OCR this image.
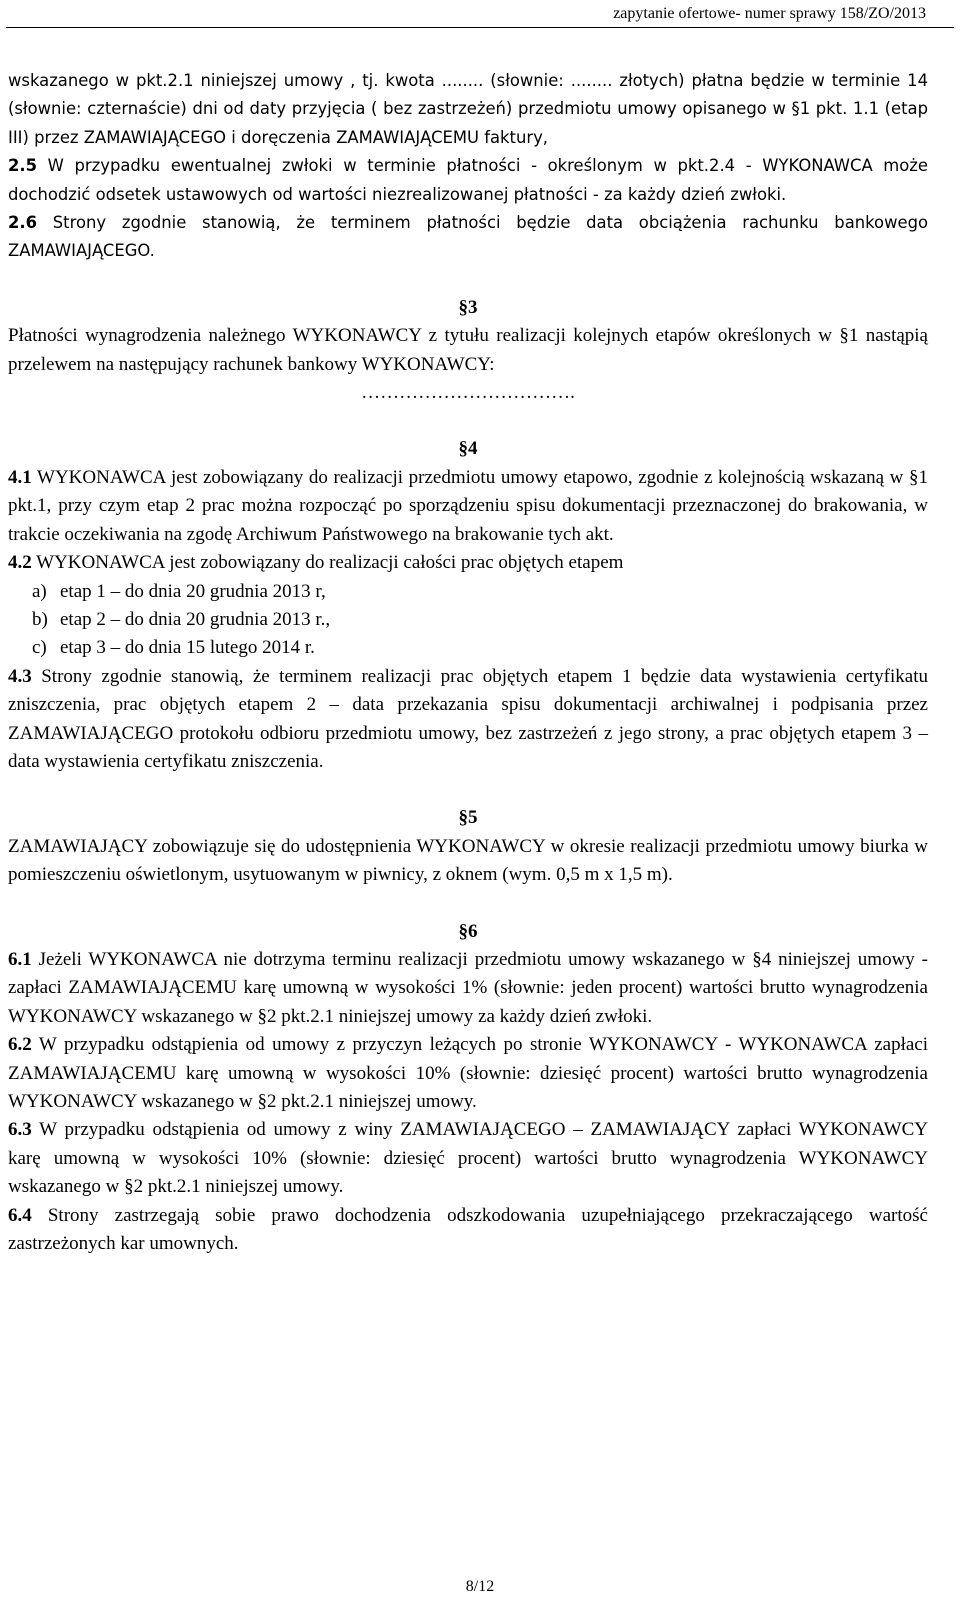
zapytanie ofertowe- numer sprawy 158/ZO/2013

wskazanego w pkt.2.1 niniejszej umowy , tj. kwota ........ (słownie: ........ złotych) płatna będzie w terminie 14 (słownie: czternaście) dni od daty przyjęcia ( bez zastrzeżeń) przedmiotu umowy opisanego w §1 pkt. 1.1 (etap III) przez ZAMAWIAJĄCEGO i doręczenia ZAMAWIAJĄCEMU faktury,

2.5 W przypadku ewentualnej zwłoki w terminie płatności - określonym w pkt.2.4 - WYKONAWCA może dochodzić odsetek ustawowych od wartości niezrealizowanej płatności - za każdy dzień zwłoki.

2.6 Strony zgodnie stanowią, że terminem płatności będzie data obciążenia rachunku bankowego ZAMAWIAJĄCEGO.

§3

Płatności wynagrodzenia należnego WYKONAWCY z tytułu realizacji kolejnych etapów określonych w §1 nastąpią przelewem na następujący rachunek bankowy WYKONAWCY:

…………………………….

§4

4.1 WYKONAWCA jest zobowiązany do realizacji przedmiotu umowy etapowo, zgodnie z kolejnością wskazaną w §1 pkt.1, przy czym etap 2 prac można rozpocząć po sporządzeniu spisu dokumentacji przeznaczonej do brakowania, w trakcie oczekiwania na zgodę Archiwum Państwowego na brakowanie tych akt.

4.2 WYKONAWCA jest zobowiązany do realizacji całości prac objętych etapem

a) etap 1 – do dnia 20 grudnia 2013 r,

b) etap 2 – do dnia 20 grudnia 2013 r.,

c) etap 3 – do dnia 15 lutego 2014 r.

4.3 Strony zgodnie stanowią, że terminem realizacji prac objętych etapem 1 będzie data wystawienia certyfikatu zniszczenia, prac objętych etapem 2 – data przekazania spisu dokumentacji archiwalnej i podpisania przez ZAMAWIAJĄCEGO protokołu odbioru przedmiotu umowy, bez zastrzeżeń z jego strony, a prac objętych etapem 3 – data wystawienia certyfikatu zniszczenia.

§5

ZAMAWIAJĄCY zobowiązuje się do udostępnienia WYKONAWCY w okresie realizacji przedmiotu umowy biurka w pomieszczeniu oświetlonym, usytuowanym w piwnicy, z oknem (wym. 0,5 m x 1,5 m).

§6

6.1 Jeżeli WYKONAWCA nie dotrzyma terminu realizacji przedmiotu umowy wskazanego w §4 niniejszej umowy - zapłaci ZAMAWIAJĄCEMU karę umowną w wysokości 1% (słownie: jeden procent) wartości brutto wynagrodzenia WYKONAWCY wskazanego w §2 pkt.2.1 niniejszej umowy za każdy dzień zwłoki.

6.2 W przypadku odstąpienia od umowy z przyczyn leżących po stronie WYKONAWCY - WYKONAWCA zapłaci ZAMAWIAJĄCEMU karę umowną w wysokości 10% (słownie: dziesięć procent) wartości brutto wynagrodzenia WYKONAWCY wskazanego w §2 pkt.2.1 niniejszej umowy.

6.3 W przypadku odstąpienia od umowy z winy ZAMAWIAJĄCEGO – ZAMAWIAJĄCY zapłaci WYKONAWCY karę umowną w wysokości 10% (słownie: dziesięć procent) wartości brutto wynagrodzenia WYKONAWCY wskazanego w §2 pkt.2.1 niniejszej umowy.

6.4 Strony zastrzegają sobie prawo dochodzenia odszkodowania uzupełniającego przekraczającego wartość zastrzeżonych kar umownych.

8/12
